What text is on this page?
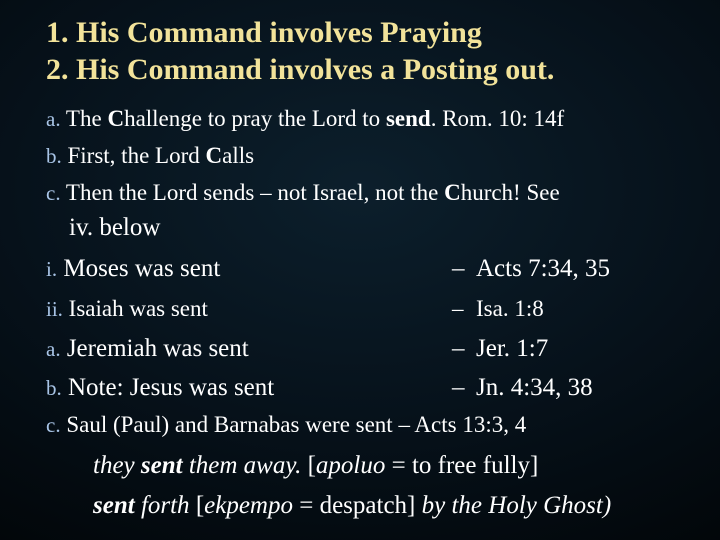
1. His Command involves Praying
2. His Command involves a Posting out.
a. The Challenge to pray the Lord to send. Rom. 10: 14f
b. First, the Lord Calls
c. Then the Lord sends – not Israel, not the Church! See
iv. below
i. Moses was sent	– Acts 7:34, 35
ii. Isaiah was sent	– Isa. 1:8
a. Jeremiah was sent	– Jer. 1:7
b. Note: Jesus was sent	– Jn. 4:34, 38
c. Saul (Paul) and Barnabas were sent – Acts 13:3, 4
they sent them away. [apoluo = to free fully]
sent forth [ekpempo = despatch] by the Holy Ghost)
